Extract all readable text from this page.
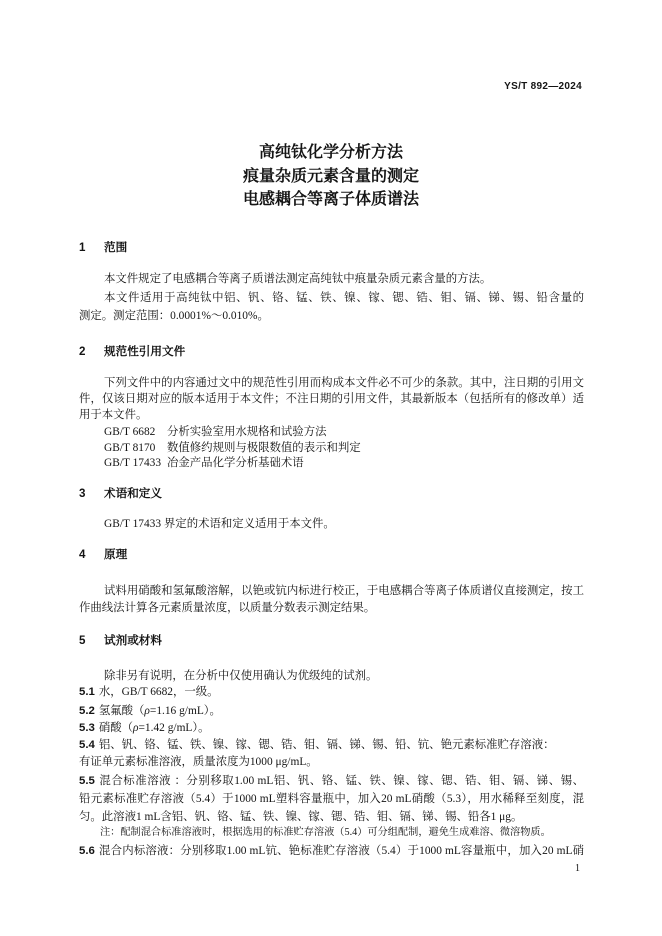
YS/T 892—2024
高纯钛化学分析方法
痕量杂质元素含量的测定
电感耦合等离子体质谱法
1 范围
本文件规定了电感耦合等离子质谱法测定高纯钛中痕量杂质元素含量的方法。
本文件适用于高纯钛中铝、钒、铬、锰、铁、镍、镓、锶、锆、钼、镉、锑、锡、铅含量的
测定。测定范围：0.0001%～0.010%。
2 规范性引用文件
下列文件中的内容通过文中的规范性引用而构成本文件必不可少的条款。其中，注日期的引用文
件，仅该日期对应的版本适用于本文件；不注日期的引用文件，其最新版本（包括所有的修改单）适
用于本文件。
GB/T 6682 分析实验室用水规格和试验方法
GB/T 8170 数值修约规则与极限数值的表示和判定
GB/T 17433 冶金产品化学分析基础术语
3 术语和定义
GB/T 17433 界定的术语和定义适用于本文件。
4 原理
试料用硝酸和氢氟酸溶解，以铯或钪内标进行校正，于电感耦合等离子体质谱仪直接测定，按工
作曲线法计算各元素质量浓度，以质量分数表示测定结果。
5 试剂或材料
除非另有说明，在分析中仅使用确认为优级纯的试剂。
5.1 水，GB/T 6682，一级。
5.2 氢氟酸（ρ=1.16 g/mL）。
5.3 硝酸（ρ=1.42 g/mL）。
5.4 铝、钒、铬、锰、铁、镍、镓、锶、锆、钼、镉、锑、锡、铅、钪、铯元素标准贮存溶液：
有证单元素标准溶液，质量浓度为1000 μg/mL。
5.5 混合标准溶液 ：分别移取1.00 mL铝、钒、铬、锰、铁、镍、镓、锶、锆、钼、镉、锑、锡、
铅元素标准贮存溶液（5.4）于1000 mL塑料容量瓶中，加入20 mL硝酸（5.3），用水稀释至刻度，混
匀。此溶液1 mL含铝、钒、铬、锰、铁、镍、镓、锶、锆、钼、镉、锑、锡、铅各1 μg。
注：配制混合标准溶液时，根据选用的标准贮存溶液（5.4）可分组配制，避免生成难溶、微溶物质。
5.6 混合内标溶液：分别移取1.00 mL钪、铯标准贮存溶液（5.4）于1000 mL容量瓶中，加入20 mL硝
1
